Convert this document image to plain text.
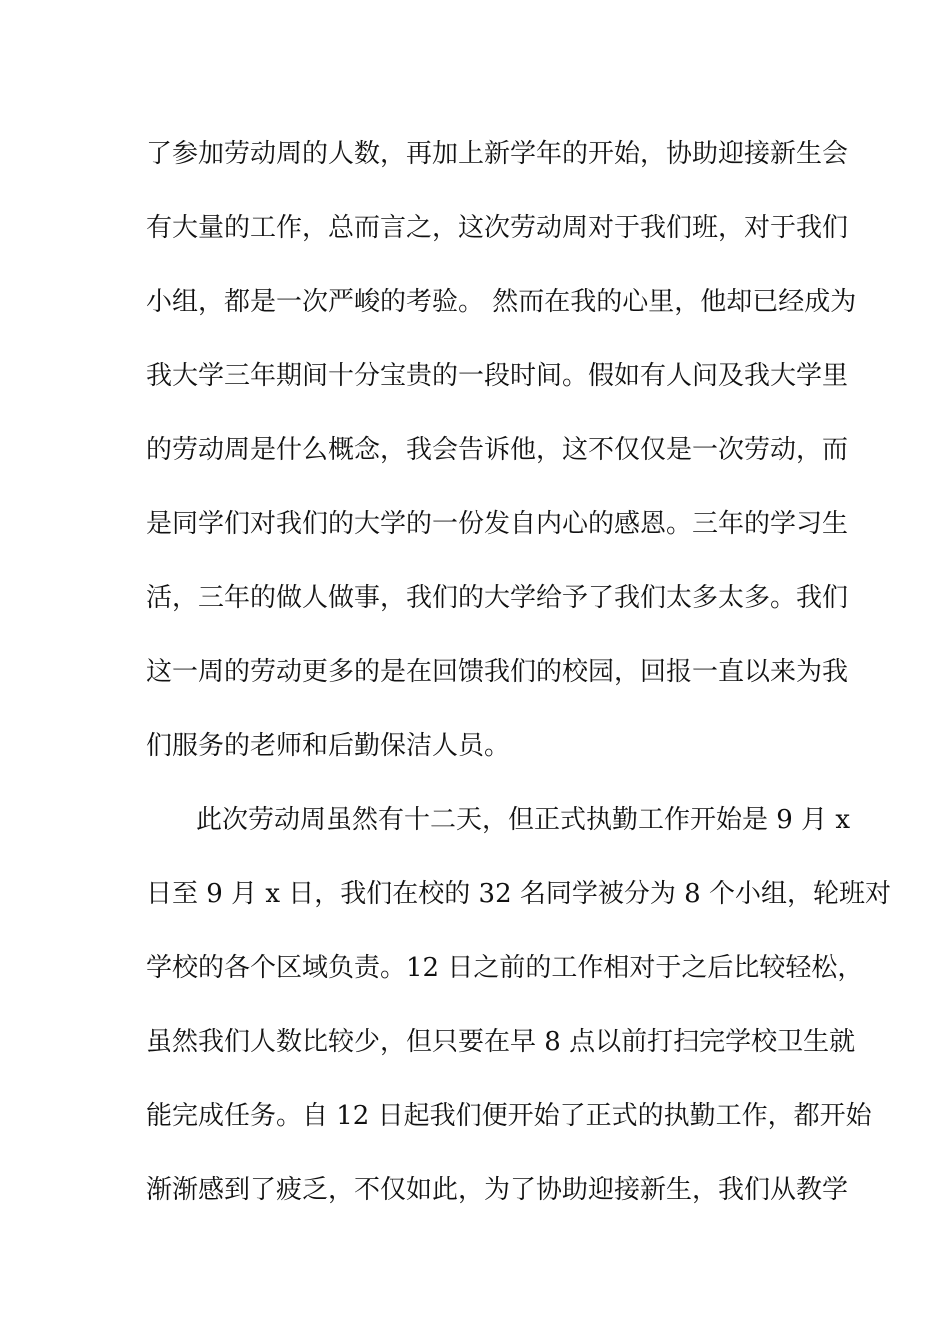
了参加劳动周的人数，再加上新学年的开始，协助迎接新生会
有大量的工作，总而言之，这次劳动周对于我们班，对于我们
小组，都是一次严峻的考验。 然而在我的心里，他却已经成为
我大学三年期间十分宝贵的一段时间。假如有人问及我大学里
的劳动周是什么概念，我会告诉他，这不仅仅是一次劳动，而
是同学们对我们的大学的一份发自内心的感恩。三年的学习生
活，三年的做人做事，我们的大学给予了我们太多太多。我们
这一周的劳动更多的是在回馈我们的校园，回报一直以来为我
们服务的老师和后勤保洁人员。
此次劳动周虽然有十二天，但正式执勤工作开始是 9 月 x
日至 9 月 x 日，我们在校的 32 名同学被分为 8 个小组，轮班对
学校的各个区域负责。12 日之前的工作相对于之后比较轻松，
虽然我们人数比较少，但只要在早 8 点以前打扫完学校卫生就
能完成任务。自 12 日起我们便开始了正式的执勤工作，都开始
渐渐感到了疲乏，不仅如此，为了协助迎接新生，我们从教学
